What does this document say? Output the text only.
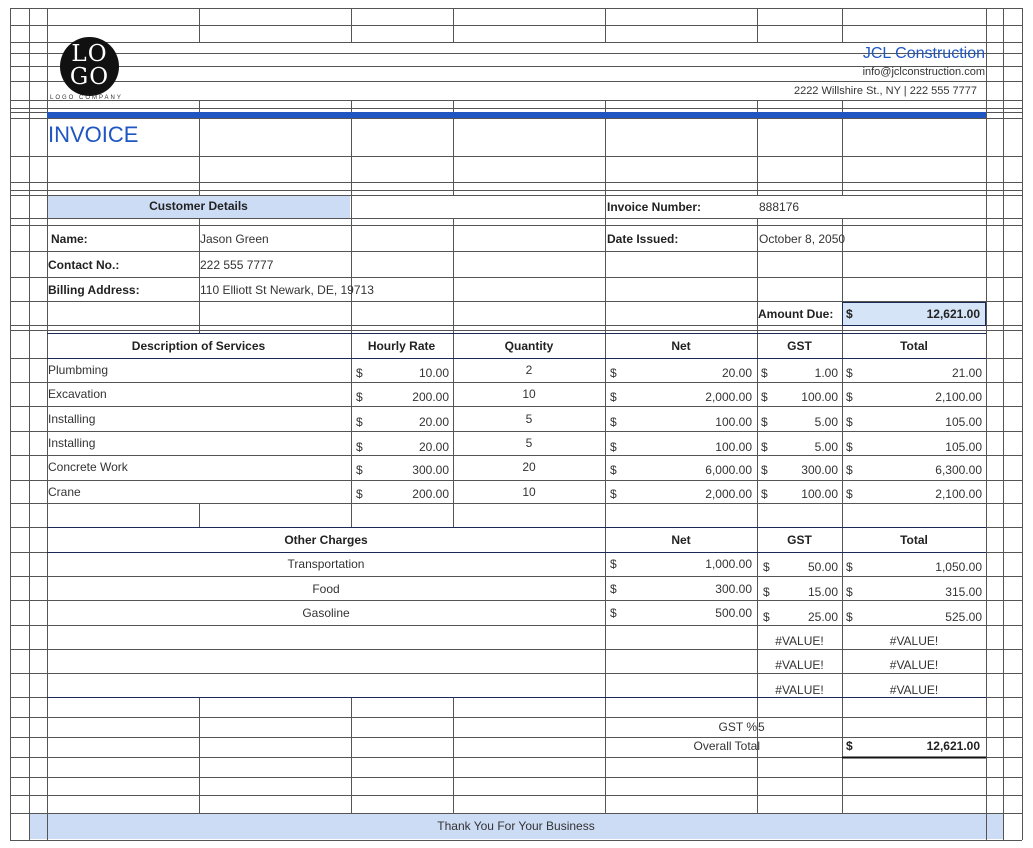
LO
GO
LOGO COMPANY
JCL Construction
info@jclconstruction.com
2222 Willshire St., NY | 222 555 7777
INVOICE
Customer Details
Name:	Jason Green
Contact No.:	222 555 7777
Billing Address:	110 Elliott St Newark, DE, 19713
Invoice Number:	888176
Date Issued:	October 8, 2050
Amount Due: $	12,621.00
Description of Services	Hourly Rate	Quantity	Net	GST	Total
Plumbming	$	10.00	2	$	20.00 $	1.00 $	21.00
Excavation	$	200.00	10	$	2,000.00 $	100.00 $	2,100.00
Installing	$	20.00	5	$	100.00 $	5.00 $	105.00
Installing	$	20.00	5	$	100.00 $	5.00 $	105.00
Concrete Work	$	300.00	20	$	6,000.00 $	300.00 $	6,300.00
Crane	$	200.00	10	$	2,000.00 $	100.00 $	2,100.00
Other Charges	Net	GST	Total
Transportation	$	1,000.00 $	50.00 $	1,050.00
Food	$	300.00 $	15.00 $	315.00
Gasoline	$	500.00 $	25.00 $	525.00
#VALUE!	#VALUE!
#VALUE!	#VALUE!
#VALUE!	#VALUE!
GST % 5
Overall Total	$	12,621.00
Thank You For Your Business
